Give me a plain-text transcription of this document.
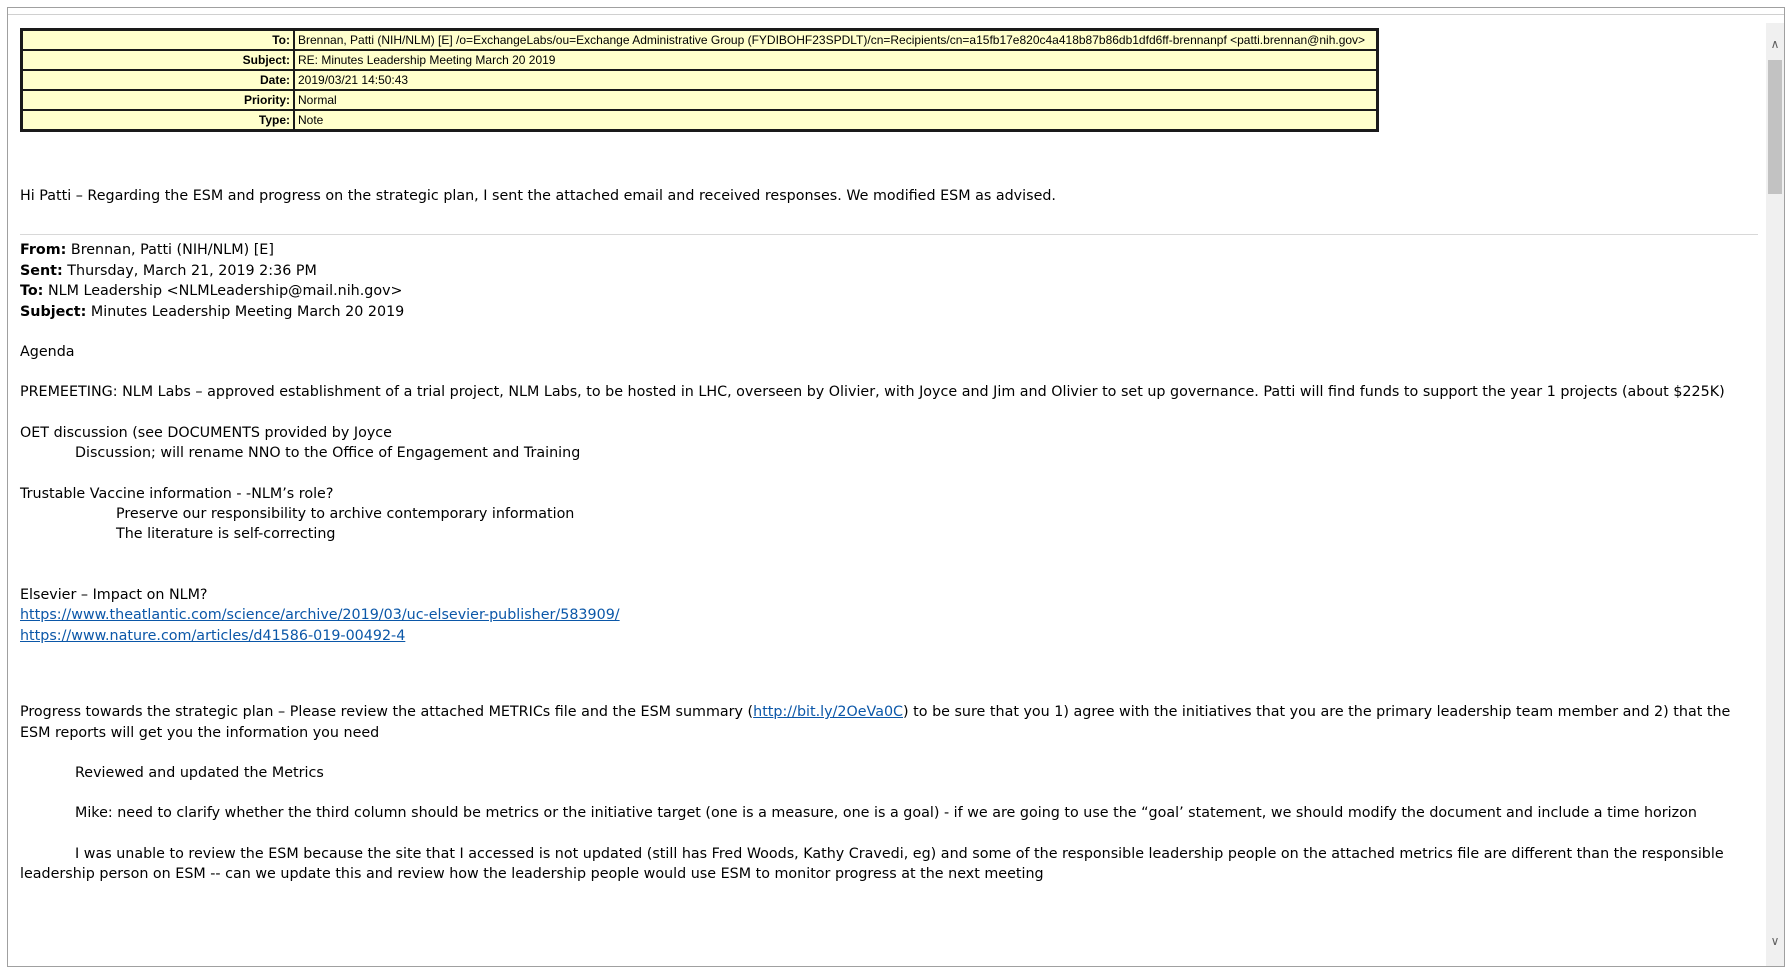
To:	Brennan, Patti (NIH/NLM) [E] /o=ExchangeLabs/ou=Exchange Administrative Group (FYDIBOHF23SPDLT)/cn=Recipients/cn=a15fb17e820c4a418b87b86db1dfd6ff-brennanpf <patti.brennan@nih.gov>
Subject:	RE: Minutes Leadership Meeting March 20 2019
Date:	2019/03/21 14:50:43
Priority:	Normal
Type:	Note

Hi Patti – Regarding the ESM and progress on the strategic plan, I sent the attached email and received responses. We modified ESM as advised.

From: Brennan, Patti (NIH/NLM) [E]

Sent: Thursday, March 21, 2019 2:36 PM

To: NLM Leadership <NLMLeadership@mail.nih.gov>

Subject: Minutes Leadership Meeting March 20 2019

Agenda

PREMEETING: NLM Labs – approved establishment of a trial project, NLM Labs, to be hosted in LHC, overseen by Olivier, with Joyce and Jim and Olivier to set up governance. Patti will find funds to support the year 1 projects (about $225K)

OET discussion (see DOCUMENTS provided by Joyce

Discussion; will rename NNO to the Office of Engagement and Training

Trustable Vaccine information - -NLM’s role?

Preserve our responsibility to archive contemporary information

The literature is self-correcting

Elsevier – Impact on NLM?

https://www.theatlantic.com/science/archive/2019/03/uc-elsevier-publisher/583909/

https://www.nature.com/articles/d41586-019-00492-4

Progress towards the strategic plan – Please review the attached METRICs file and the ESM summary (http://bit.ly/2OeVa0C) to be sure that you 1) agree with the initiatives that you are the primary leadership team member and 2) that the ESM reports will get you the information you need

Reviewed and updated the Metrics

Mike: need to clarify whether the third column should be metrics or the initiative target (one is a measure, one is a goal) - if we are going to use the “goal’ statement, we should modify the document and include a time horizon

I was unable to review the ESM because the site that I accessed is not updated (still has Fred Woods, Kathy Cravedi, eg) and some of the responsible leadership people on the attached metrics file are different than the responsible leadership person on ESM -- can we update this and review how the leadership people would use ESM to monitor progress at the next meeting

∧
∨
